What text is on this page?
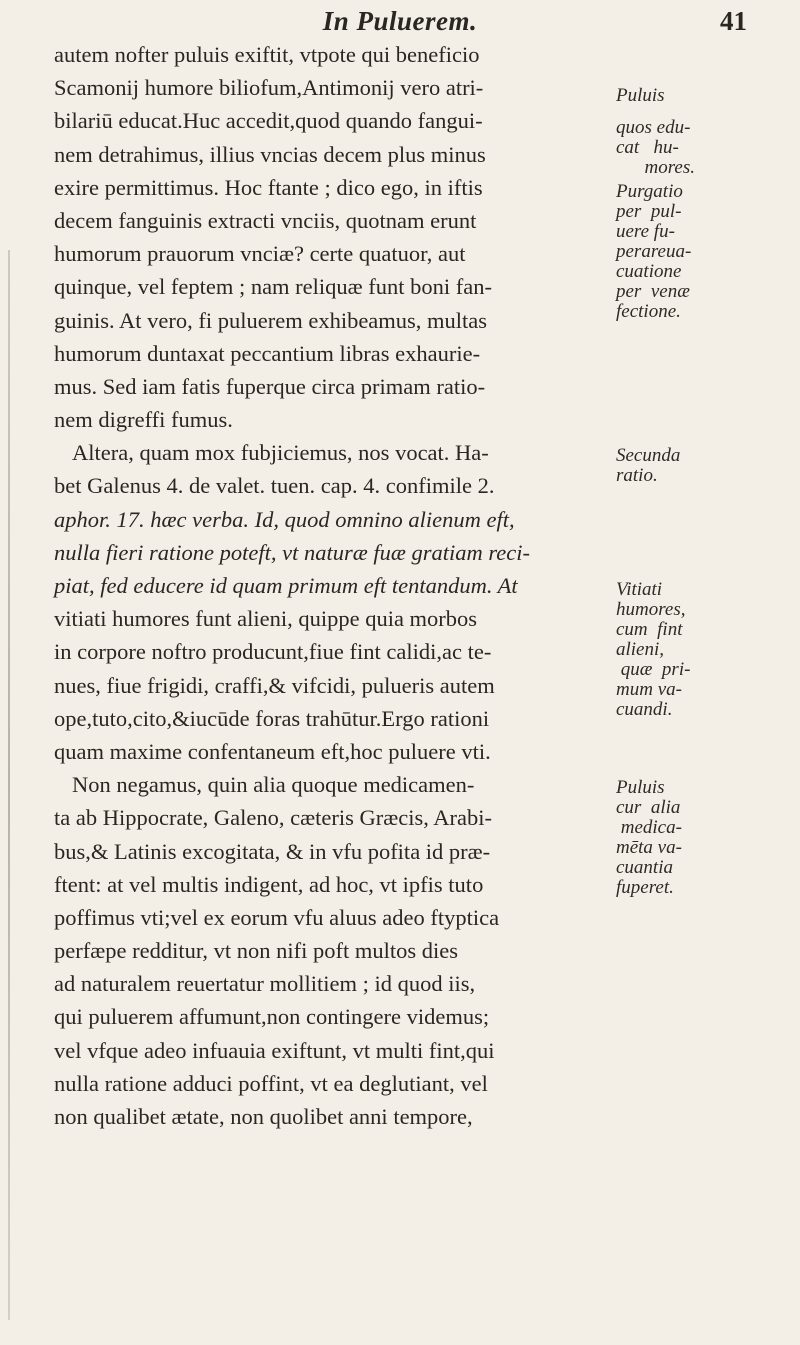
In Puluerem.	41
autem nofter puluis exiftit, vtpote qui beneficio
Scamonij humore biliofum,Antimonij vero atri-
bilariū educat.Huc accedit,quod quando fangui-
nem detrahimus, illius vncias decem plus minus
exire permittimus. Hoc ftante ; dico ego, in iftis
decem fanguinis extracti vnciis, quotnam erunt
humorum prauorum vnciæ? certe quatuor, aut
quinque, vel feptem ; nam reliquæ funt boni fan-
guinis. At vero, fi puluerem exhibeamus, multas
humorum duntaxat peccantium libras exhaurie-
mus. Sed iam fatis fuperque circa primam ratio-
nem digreffi fumus.
Altera, quam mox fubjiciemus, nos vocat. Ha-
bet Galenus 4. de valet. tuen. cap. 4. confimile 2.
aphor. 17. hæc verba. Id, quod omnino alienum eft,
nulla fieri ratione poteft, vt naturæ fuæ gratiam reci-
piat, fed educere id quam primum eft tentandum. At
vitiati humores funt alieni, quippe quia morbos
in corpore noftro producunt,fiue fint calidi,ac te-
nues, fiue frigidi, craffi,& vifcidi, pulueris autem
ope,tuto,cito,&iucūde foras trahūtur.Ergo rationi
quam maxime confentaneum eft,hoc puluere vti.
Non negamus, quin alia quoque medicamen-
ta ab Hippocrate, Galeno, cæteris Græcis, Arabi-
bus,& Latinis excogitata, & in vfu pofita id præ-
ftent: at vel multis indigent, ad hoc, vt ipfis tuto
poffimus vti;vel ex eorum vfu aluus adeo ftyptica
perfæpe redditur, vt non nifi poft multos dies
ad naturalem reuertatur mollitiem ; id quod iis,
qui puluerem affumunt,non contingere videmus;
vel vfque adeo infuauia exiftunt, vt multi fint,qui
nulla ratione adduci poffint, vt ea deglutiant, vel
non qualibet ætate, non quolibet anni tempore,
Puluis
quos edu-
cat   hu-
mores.
Purgatio
per  pul-
uere fu-
perareua-
cuatione
per  venæ
fectione.
Secunda
ratio.
Vitiati
humores,
cum  fint
alieni,
quæ  pri-
mum va-
cuandi.
Puluis
cur  alia
medica-
mēta va-
cuantia
fuperet.
